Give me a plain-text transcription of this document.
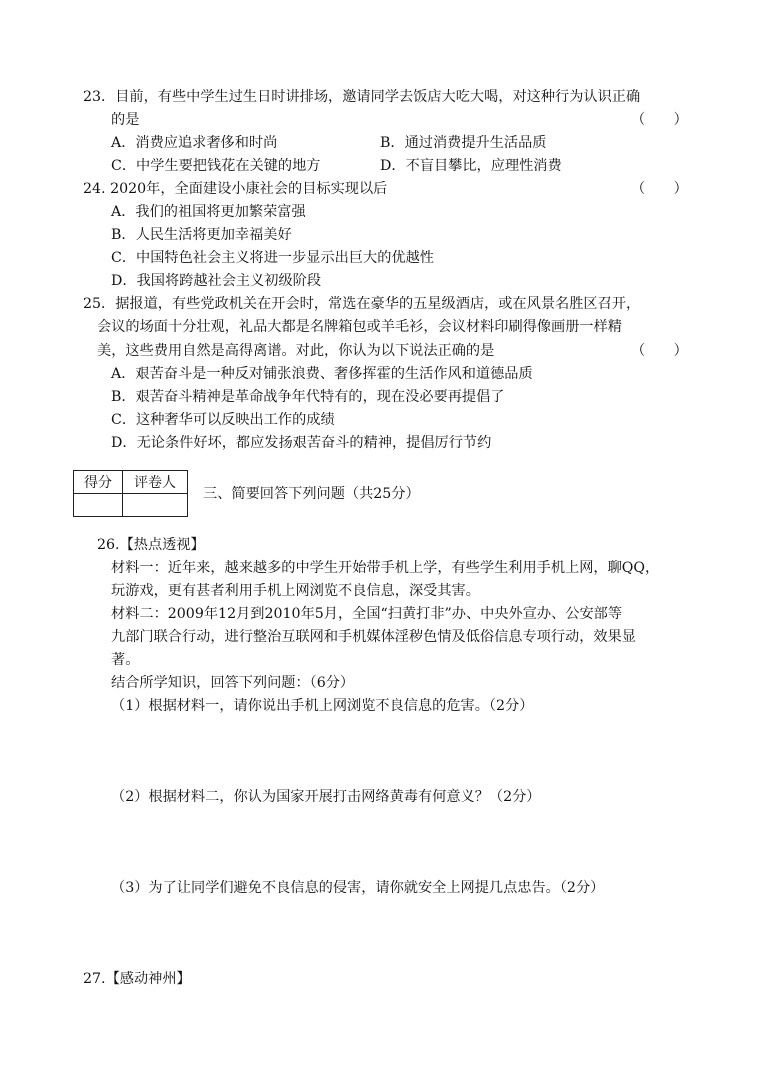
23．目前，有些中学生过生日时讲排场，邀请同学去饭店大吃大喝，对这种行为认识正确
的是	（　　）
A．消费应追求奢侈和时尚	B．通过消费提升生活品质
C．中学生要把钱花在关键的地方	D．不盲目攀比，应理性消费
24. 2020年，全面建设小康社会的目标实现以后	（　　）
A．我们的祖国将更加繁荣富强
B．人民生活将更加幸福美好
C．中国特色社会主义将进一步显示出巨大的优越性
D．我国将跨越社会主义初级阶段
25．据报道，有些党政机关在开会时，常选在豪华的五星级酒店，或在风景名胜区召开，
会议的场面十分壮观，礼品大都是名牌箱包或羊毛衫，会议材料印刷得像画册一样精
美，这些费用自然是高得离谱。对此，你认为以下说法正确的是	（　　）
A．艰苦奋斗是一种反对铺张浪费、奢侈挥霍的生活作风和道德品质
B．艰苦奋斗精神是革命战争年代特有的，现在没必要再提倡了
C．这种奢华可以反映出工作的成绩
D．无论条件好坏，都应发扬艰苦奋斗的精神，提倡厉行节约
得分	评卷人

三、简要回答下列问题（共25分）
26.【热点透视】
材料一：近年来，越来越多的中学生开始带手机上学，有些学生利用手机上网，聊QQ，
玩游戏，更有甚者利用手机上网浏览不良信息，深受其害。
材料二：2009年12月到2010年5月，全国“扫黄打非”办、中央外宣办、公安部等
九部门联合行动，进行整治互联网和手机媒体淫秽色情及低俗信息专项行动，效果显
著。
结合所学知识，回答下列问题：（6分）
（1）根据材料一，请你说出手机上网浏览不良信息的危害。（2分）
（2）根据材料二，你认为国家开展打击网络黄毒有何意义？（2分）
（3）为了让同学们避免不良信息的侵害，请你就安全上网提几点忠告。（2分）
27.【感动神州】
